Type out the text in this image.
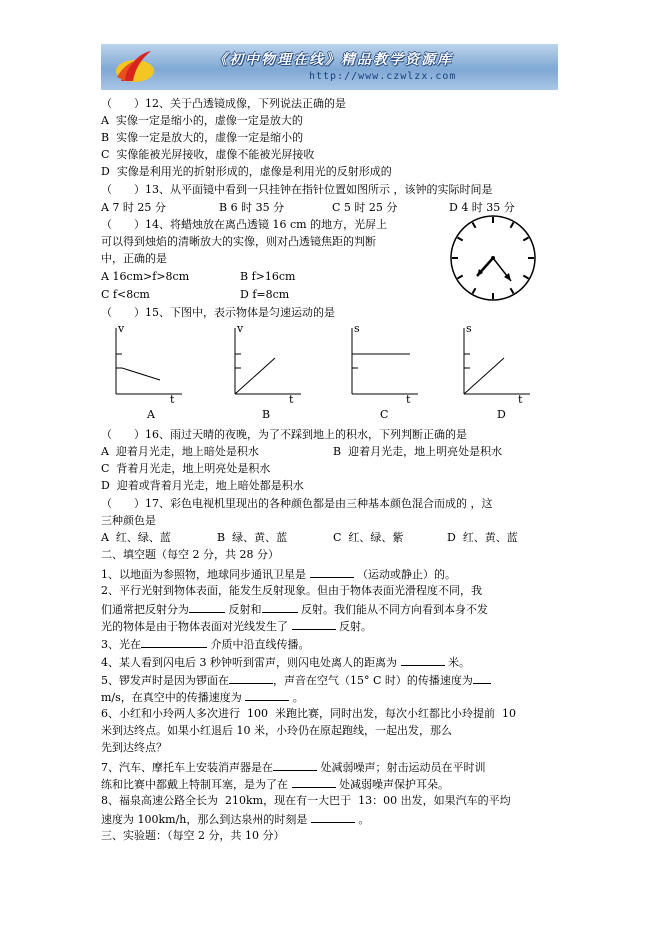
《初中物理在线》精品教学资源库
http://www.czwlzx.com

（　　）12、关于凸透镜成像，下列说法正确的是

A  实像一定是缩小的，虚像一定是放大的

B  实像一定是放大的，虚像一定是缩小的

C  实像能被光屏接收，虚像不能被光屏接收

D  实像是利用光的折射形成的，虚像是利用光的反射形成的

（　　）13、从平面镜中看到一只挂钟在指针位置如图所示 ，该钟的实际时间是

A 7 时 25 分	B 6 时 35 分	C 5 时 25 分	D 4 时 35 分

（　　）14、将蜡烛放在离凸透镜 16 cm 的地方，光屏上

可以得到烛焰的清晰放大的实像，则对凸透镜焦距的判断

中，正确的是

A 16cm>f>8cm	B f>16cm

C f<8cm	D f=8cm

（　　）15、下图中，表示物体是匀速运动的是

v
t
A
v
t
B
s
t
C
s
t
D

（　　）16、雨过天晴的夜晚，为了不踩到地上的积水，下列判断正确的是

A  迎着月光走，地上暗处是积水	B  迎着月光走，地上明亮处是积水

C  背着月光走，地上明亮处是积水

D  迎着或背着月光走，地上暗处都是积水

（　　）17、彩色电视机里现出的各种颜色都是由三种基本颜色混合而成的 ，这

三种颜色是

A  红、绿、蓝	B  绿、黄、蓝	C  红、绿、紫	D  红、黄、蓝

二、填空题（每空 2 分，共 28 分）

1、以地面为参照物，地球同步通讯卫星是	（运动或静止）的。

2、平行光射到物体表面，能发生反射现象。但由于物体表面光滑程度不同，我

们通常把反射分为	反射和	反射。我们能从不同方向看到本身不发

光的物体是由于物体表面对光线发生了	反射。

3、光在	介质中沿直线传播。

4、某人看到闪电后 3 秒钟听到雷声，则闪电处离人的距离为	米。

5、锣发声时是因为锣面在	，声音在空气（15° C 时）的传播速度为

m/s，在真空中的传播速度为	。

6、小红和小玲两人多次进行  100  米跑比赛，同时出发，每次小红都比小玲提前  10

米到达终点。如果小红退后 10 米，小玲仍在原起跑线，一起出发，那么

先到达终点？

7、汽车、摩托车上安装消声器是在	处减弱噪声；射击运动员在平时训

练和比赛中都戴上特制耳塞，是为了在	处减弱噪声保护耳朵。

8、福泉高速公路全长为  210km，现在有一大巴于  13：00 出发，如果汽车的平均

速度为 100km/h，那么到达泉州的时刻是	。

三、实验题：（每空 2 分，共 10 分）
